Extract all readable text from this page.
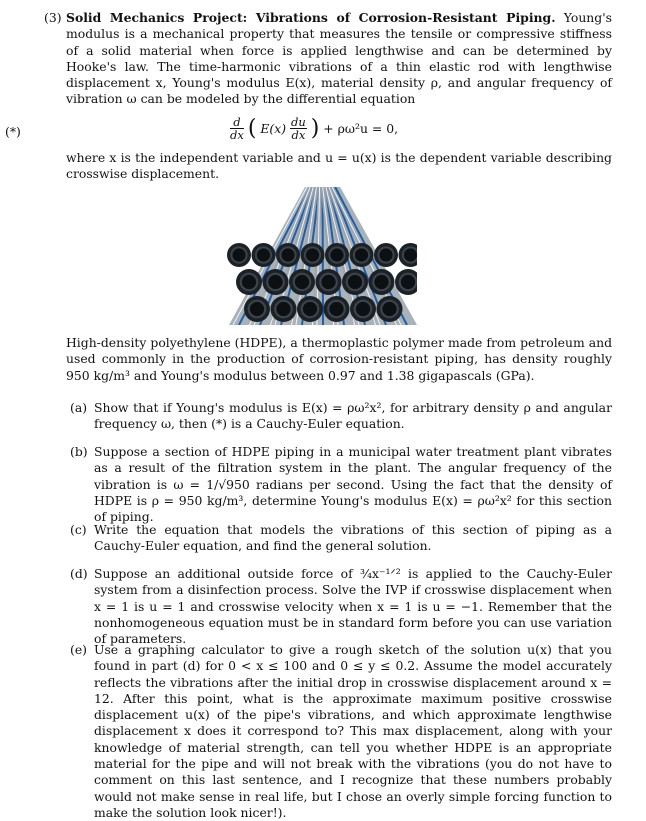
(3) Solid Mechanics Project: Vibrations of Corrosion-Resistant Piping. Young's modulus is a mechanical property that measures the tensile or compressive stiffness of a solid material when force is applied lengthwise and can be determined by Hooke's law. The time-harmonic vibrations of a thin elastic rod with lengthwise displacement x, Young's modulus E(x), material density ρ, and angular frequency of vibration ω can be modeled by the differential equation
(*)	$\frac{d}{dx}$ ( $E(x) \frac{du}{dx}$ ) + ρω²u = 0,
where x is the independent variable and u = u(x) is the dependent variable describing crosswise displacement.
High-density polyethylene (HDPE), a thermoplastic polymer made from petroleum and used commonly in the production of corrosion-resistant piping, has density roughly 950 kg/m³ and Young's modulus between 0.97 and 1.38 gigapascals (GPa).
(a) Show that if Young's modulus is E(x) = ρω²x², for arbitrary density ρ and angular frequency ω, then (*) is a Cauchy-Euler equation.
(b) Suppose a section of HDPE piping in a municipal water treatment plant vibrates as a result of the filtration system in the plant. The angular frequency of the vibration is ω = 1/√950 radians per second. Using the fact that the density of HDPE is ρ = 950 kg/m³, determine Young's modulus E(x) = ρω²x² for this section of piping.
(c) Write the equation that models the vibrations of this section of piping as a Cauchy-Euler equation, and find the general solution.
(d) Suppose an additional outside force of ¾x⁻¹ᐟ² is applied to the Cauchy-Euler system from a disinfection process. Solve the IVP if crosswise displacement when x = 1 is u = 1 and crosswise velocity when x = 1 is u = −1. Remember that the nonhomogeneous equation must be in standard form before you can use variation of parameters.
(e) Use a graphing calculator to give a rough sketch of the solution u(x) that you found in part (d) for 0 < x ≤ 100 and 0 ≤ y ≤ 0.2. Assume the model accurately reflects the vibrations after the initial drop in crosswise displacement around x = 12. After this point, what is the approximate maximum positive crosswise displacement u(x) of the pipe's vibrations, and which approximate lengthwise displacement x does it correspond to? This max displacement, along with your knowledge of material strength, can tell you whether HDPE is an appropriate material for the pipe and will not break with the vibrations (you do not have to comment on this last sentence, and I recognize that these numbers probably would not make sense in real life, but I chose an overly simple forcing function to make the solution look nicer!).
